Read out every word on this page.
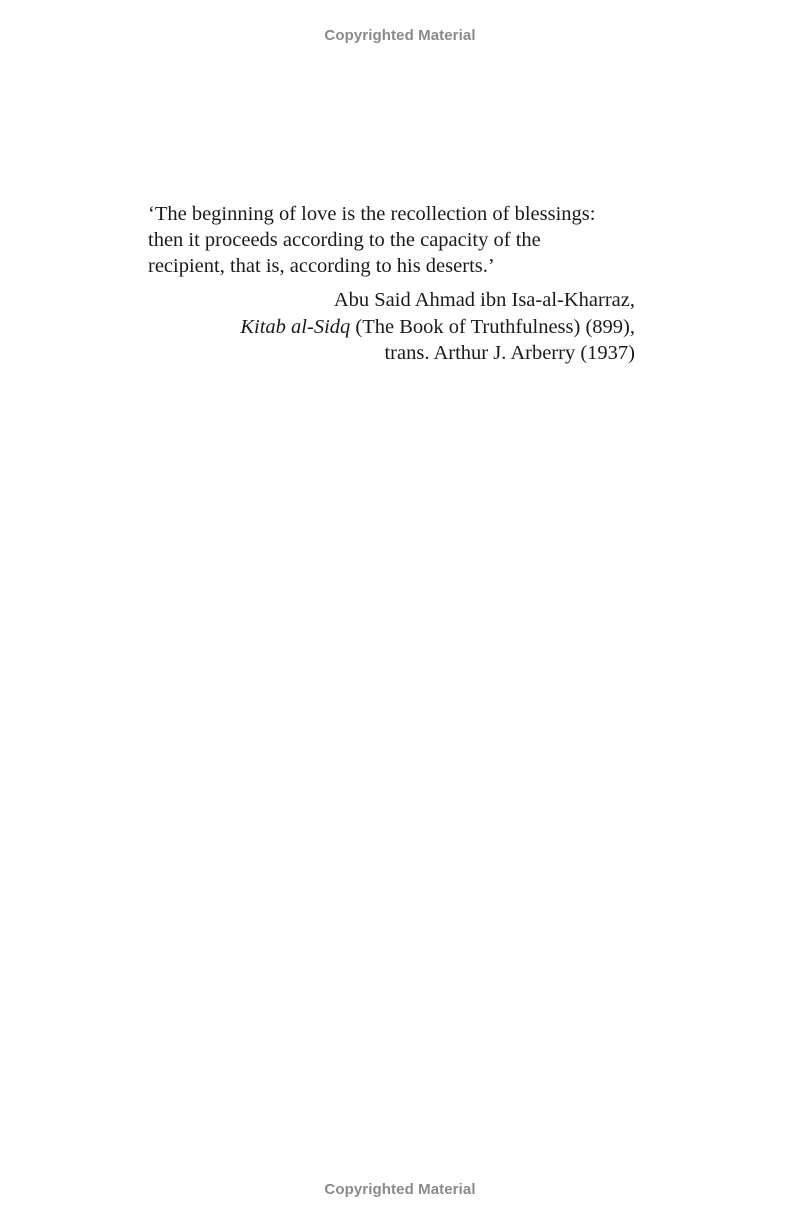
Copyrighted Material

‘The beginning of love is the recollection of blessings:
then it proceeds according to the capacity of the
recipient, that is, according to his deserts.’

Abu Said Ahmad ibn Isa-al-Kharraz,
Kitab al-Sidq (The Book of Truthfulness) (899),
trans. Arthur J. Arberry (1937)
Copyrighted Material
